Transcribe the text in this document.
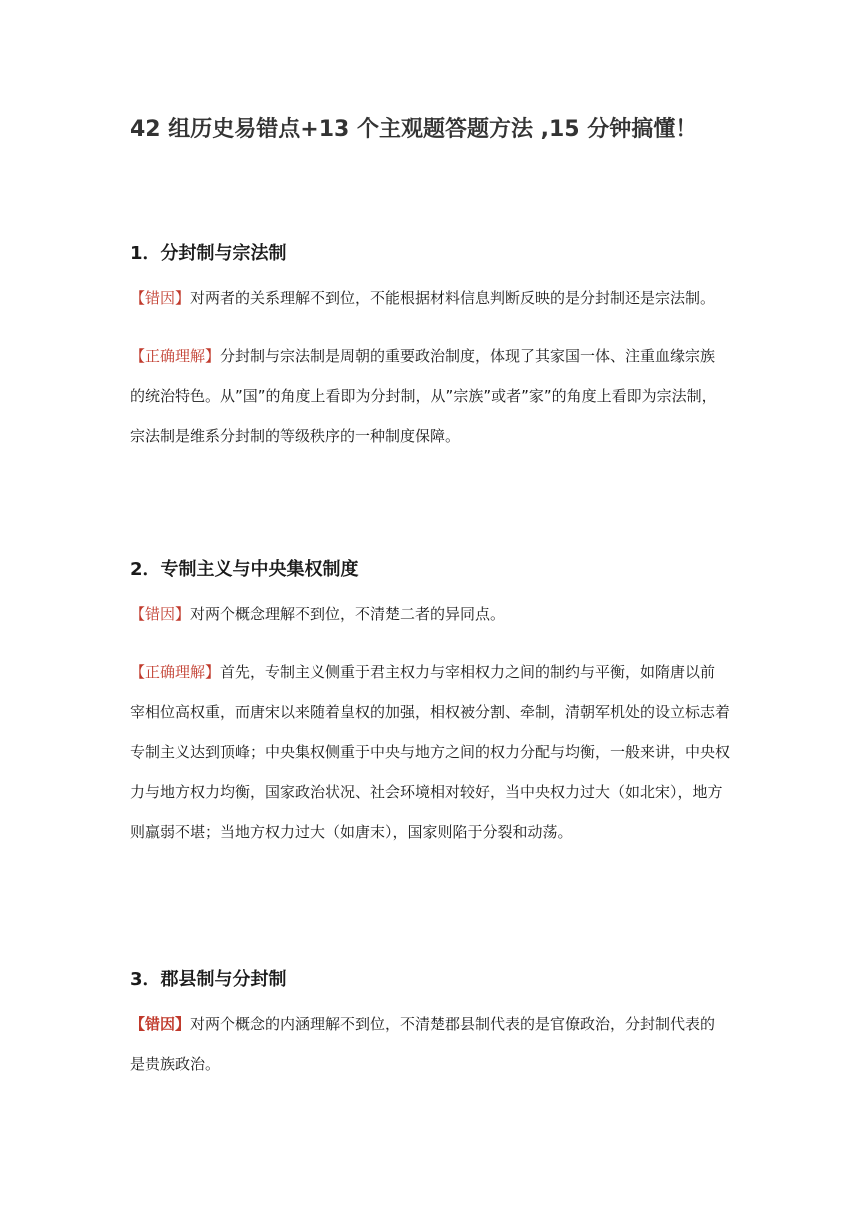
42 组历史易错点+13 个主观题答题方法 ,15 分钟搞懂！
1．分封制与宗法制

【错因】对两者的关系理解不到位，不能根据材料信息判断反映的是分封制还是宗法制。

【正确理解】分封制与宗法制是周朝的重要政治制度，体现了其家国一体、注重血缘宗族的统治特色。从”国”的角度上看即为分封制，从”宗族”或者”家”的角度上看即为宗法制，宗法制是维系分封制的等级秩序的一种制度保障。

2．专制主义与中央集权制度

【错因】对两个概念理解不到位，不清楚二者的异同点。

【正确理解】首先，专制主义侧重于君主权力与宰相权力之间的制约与平衡，如隋唐以前宰相位高权重，而唐宋以来随着皇权的加强，相权被分割、牵制，清朝军机处的设立标志着专制主义达到顶峰；中央集权侧重于中央与地方之间的权力分配与均衡，一般来讲，中央权力与地方权力均衡，国家政治状况、社会环境相对较好，当中央权力过大（如北宋），地方则羸弱不堪；当地方权力过大（如唐末），国家则陷于分裂和动荡。

3．郡县制与分封制

【错因】对两个概念的内涵理解不到位，不清楚郡县制代表的是官僚政治，分封制代表的是贵族政治。
